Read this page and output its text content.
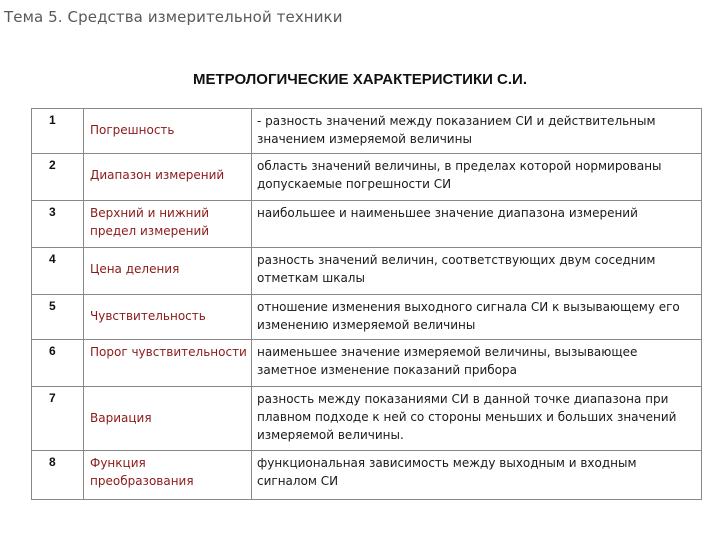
Тема 5. Средства измерительной техники
МЕТРОЛОГИЧЕСКИЕ ХАРАКТЕРИСТИКИ С.И.
1	Погрешность	- разность значений между показанием СИ и действительным значением измеряемой величины
2	Диапазон измерений	область значений величины, в пределах которой нормированы допускаемые погрешности СИ
3	Верхний и нижний предел измерений	наибольшее и наименьшее значение диапазона измерений
4	Цена деления	разность значений величин, соответствующих двум соседним отметкам шкалы
5	Чувствительность	отношение изменения выходного сигнала СИ к вызывающему его изменению измеряемой величины
6	Порог чувствительности	наименьшее значение измеряемой величины, вызывающее заметное изменение показаний прибора
7	Вариация	разность между показаниями СИ в данной точке диапазона при плавном подходе к ней со стороны меньших и больших значений измеряемой величины.
8	Функция преобразования	функциональная зависимость между выходным и входным сигналом СИ
